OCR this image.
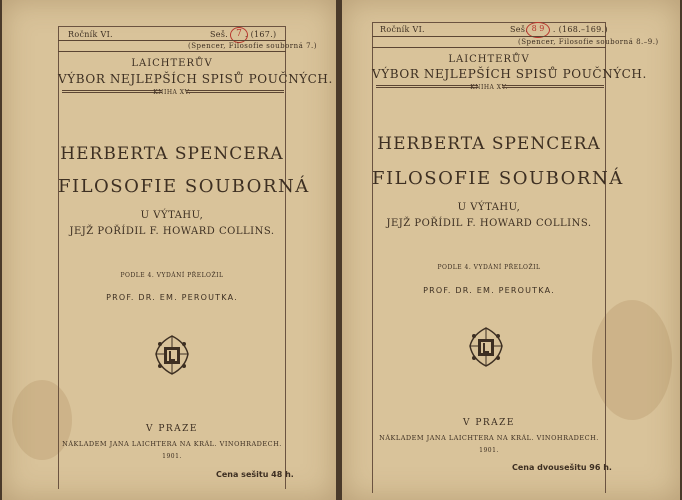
Ročník VI.	Seš. . (167.)
7
(Spencer, Filosofie souborná 7.)
LAICHTERŮV
VÝBOR NEJLEPŠÍCH SPISŮ POUČNÝCH.
KNIHA XV.
HERBERTA SPENCERA
FILOSOFIE SOUBORNÁ
U VÝTAHU,
JEJŽ POŘÍDIL F. HOWARD COLLINS.
PODLE 4. VYDÁNÍ PŘELOŽIL
PROF. DR. EM. PEROUTKA.
V PRAZE
NÁKLADEM JANA LAICHTERA NA KRÁL. VINOHRADECH.
1901.
Cena sešitu 48 h.
Ročník VI.	Seš.	. (168.–169.)
8 9
(Spencer, Filosofie souborná 8.–9.)
LAICHTERŮV
VÝBOR NEJLEPŠÍCH SPISŮ POUČNÝCH.
KNIHA XV.
HERBERTA SPENCERA
FILOSOFIE SOUBORNÁ
U VÝTAHU,
JEJŽ POŘÍDIL F. HOWARD COLLINS.
PODLE 4. VYDÁNÍ PŘELOŽIL
PROF. DR. EM. PEROUTKA.
V PRAZE
NÁKLADEM JANA LAICHTERA NA KRÁL. VINOHRADECH.
1901.
Cena dvousešitu 96 h.
